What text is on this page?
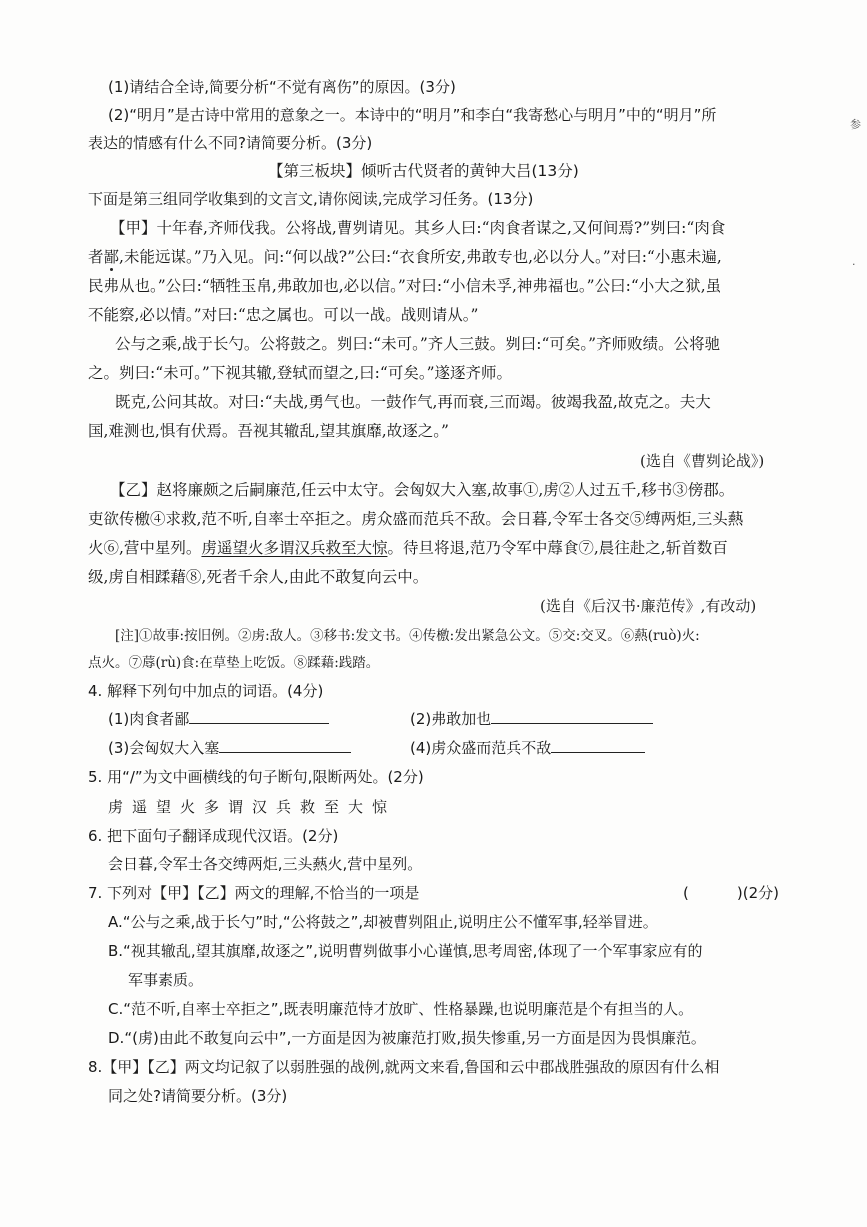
(1)请结合全诗,简要分析“不觉有离伤”的原因。(3分)
(2)“明月”是古诗中常用的意象之一。本诗中的“明月”和李白“我寄愁心与明月”中的“明月”所
表达的情感有什么不同?请简要分析。(3分)
【第三板块】倾听古代贤者的黄钟大吕(13分)
下面是第三组同学收集到的文言文,请你阅读,完成学习任务。(13分)
【甲】十年春,齐师伐我。公将战,曹刿请见。其乡人曰:“肉食者谋之,又何间焉?”刿曰:“肉食
者鄙,未能远谋。”乃入见。问:“何以战?”公曰:“衣食所安,弗敢专也,必以分人。”对曰:“小惠未遍,
民弗从也。”公曰:“牺牲玉帛,弗敢加也,必以信。”对曰:“小信未孚,神弗福也。”公曰:“小大之狱,虽
不能察,必以情。”对曰:“忠之属也。可以一战。战则请从。”
公与之乘,战于长勺。公将鼓之。刿曰:“未可。”齐人三鼓。刿曰:“可矣。”齐师败绩。公将驰
之。刿曰:“未可。”下视其辙,登轼而望之,曰:“可矣。”遂逐齐师。
既克,公问其故。对曰:“夫战,勇气也。一鼓作气,再而衰,三而竭。彼竭我盈,故克之。夫大
国,难测也,惧有伏焉。吾视其辙乱,望其旗靡,故逐之。”
(选自《曹刿论战》)
【乙】赵将廉颇之后嗣廉范,任云中太守。会匈奴大入塞,故事①,虏②人过五千,移书③傍郡。
吏欲传檄④求救,范不听,自率士卒拒之。虏众盛而范兵不敌。会日暮,令军士各交⑤缚两炬,三头爇
火⑥,营中星列。虏遥望火多谓汉兵救至大惊。待旦将退,范乃令军中蓐食⑦,晨往赴之,斩首数百
级,虏自相蹂藉⑧,死者千余人,由此不敢复向云中。
(选自《后汉书·廉范传》,有改动)
[注]①故事:按旧例。②虏:敌人。③移书:发文书。④传檄:发出紧急公文。⑤交:交叉。⑥爇(ruò)火:
点火。⑦蓐(rù)食:在草垫上吃饭。⑧蹂藉:践踏。
4. 解释下列句中加点的词语。(4分)
(1)肉食者鄙	(2)弗敢加也
(3)会匈奴大入塞	(4)虏众盛而范兵不敌
5. 用“/”为文中画横线的句子断句,限断两处。(2分)
虏遥望火多谓汉兵救至大惊
6. 把下面句子翻译成现代汉语。(2分)
会日暮,令军士各交缚两炬,三头爇火,营中星列。
7. 下列对【甲】【乙】两文的理解,不恰当的一项是	(	)(2分)
A.“公与之乘,战于长勺”时,“公将鼓之”,却被曹刿阻止,说明庄公不懂军事,轻举冒进。
B.“视其辙乱,望其旗靡,故逐之”,说明曹刿做事小心谨慎,思考周密,体现了一个军事家应有的
军事素质。
C.“范不听,自率士卒拒之”,既表明廉范恃才放旷、性格暴躁,也说明廉范是个有担当的人。
D.“(虏)由此不敢复向云中”,一方面是因为被廉范打败,损失惨重,另一方面是因为畏惧廉范。
8.【甲】【乙】两文均记叙了以弱胜强的战例,就两文来看,鲁国和云中郡战胜强敌的原因有什么相
同之处?请简要分析。(3分)
参
·
